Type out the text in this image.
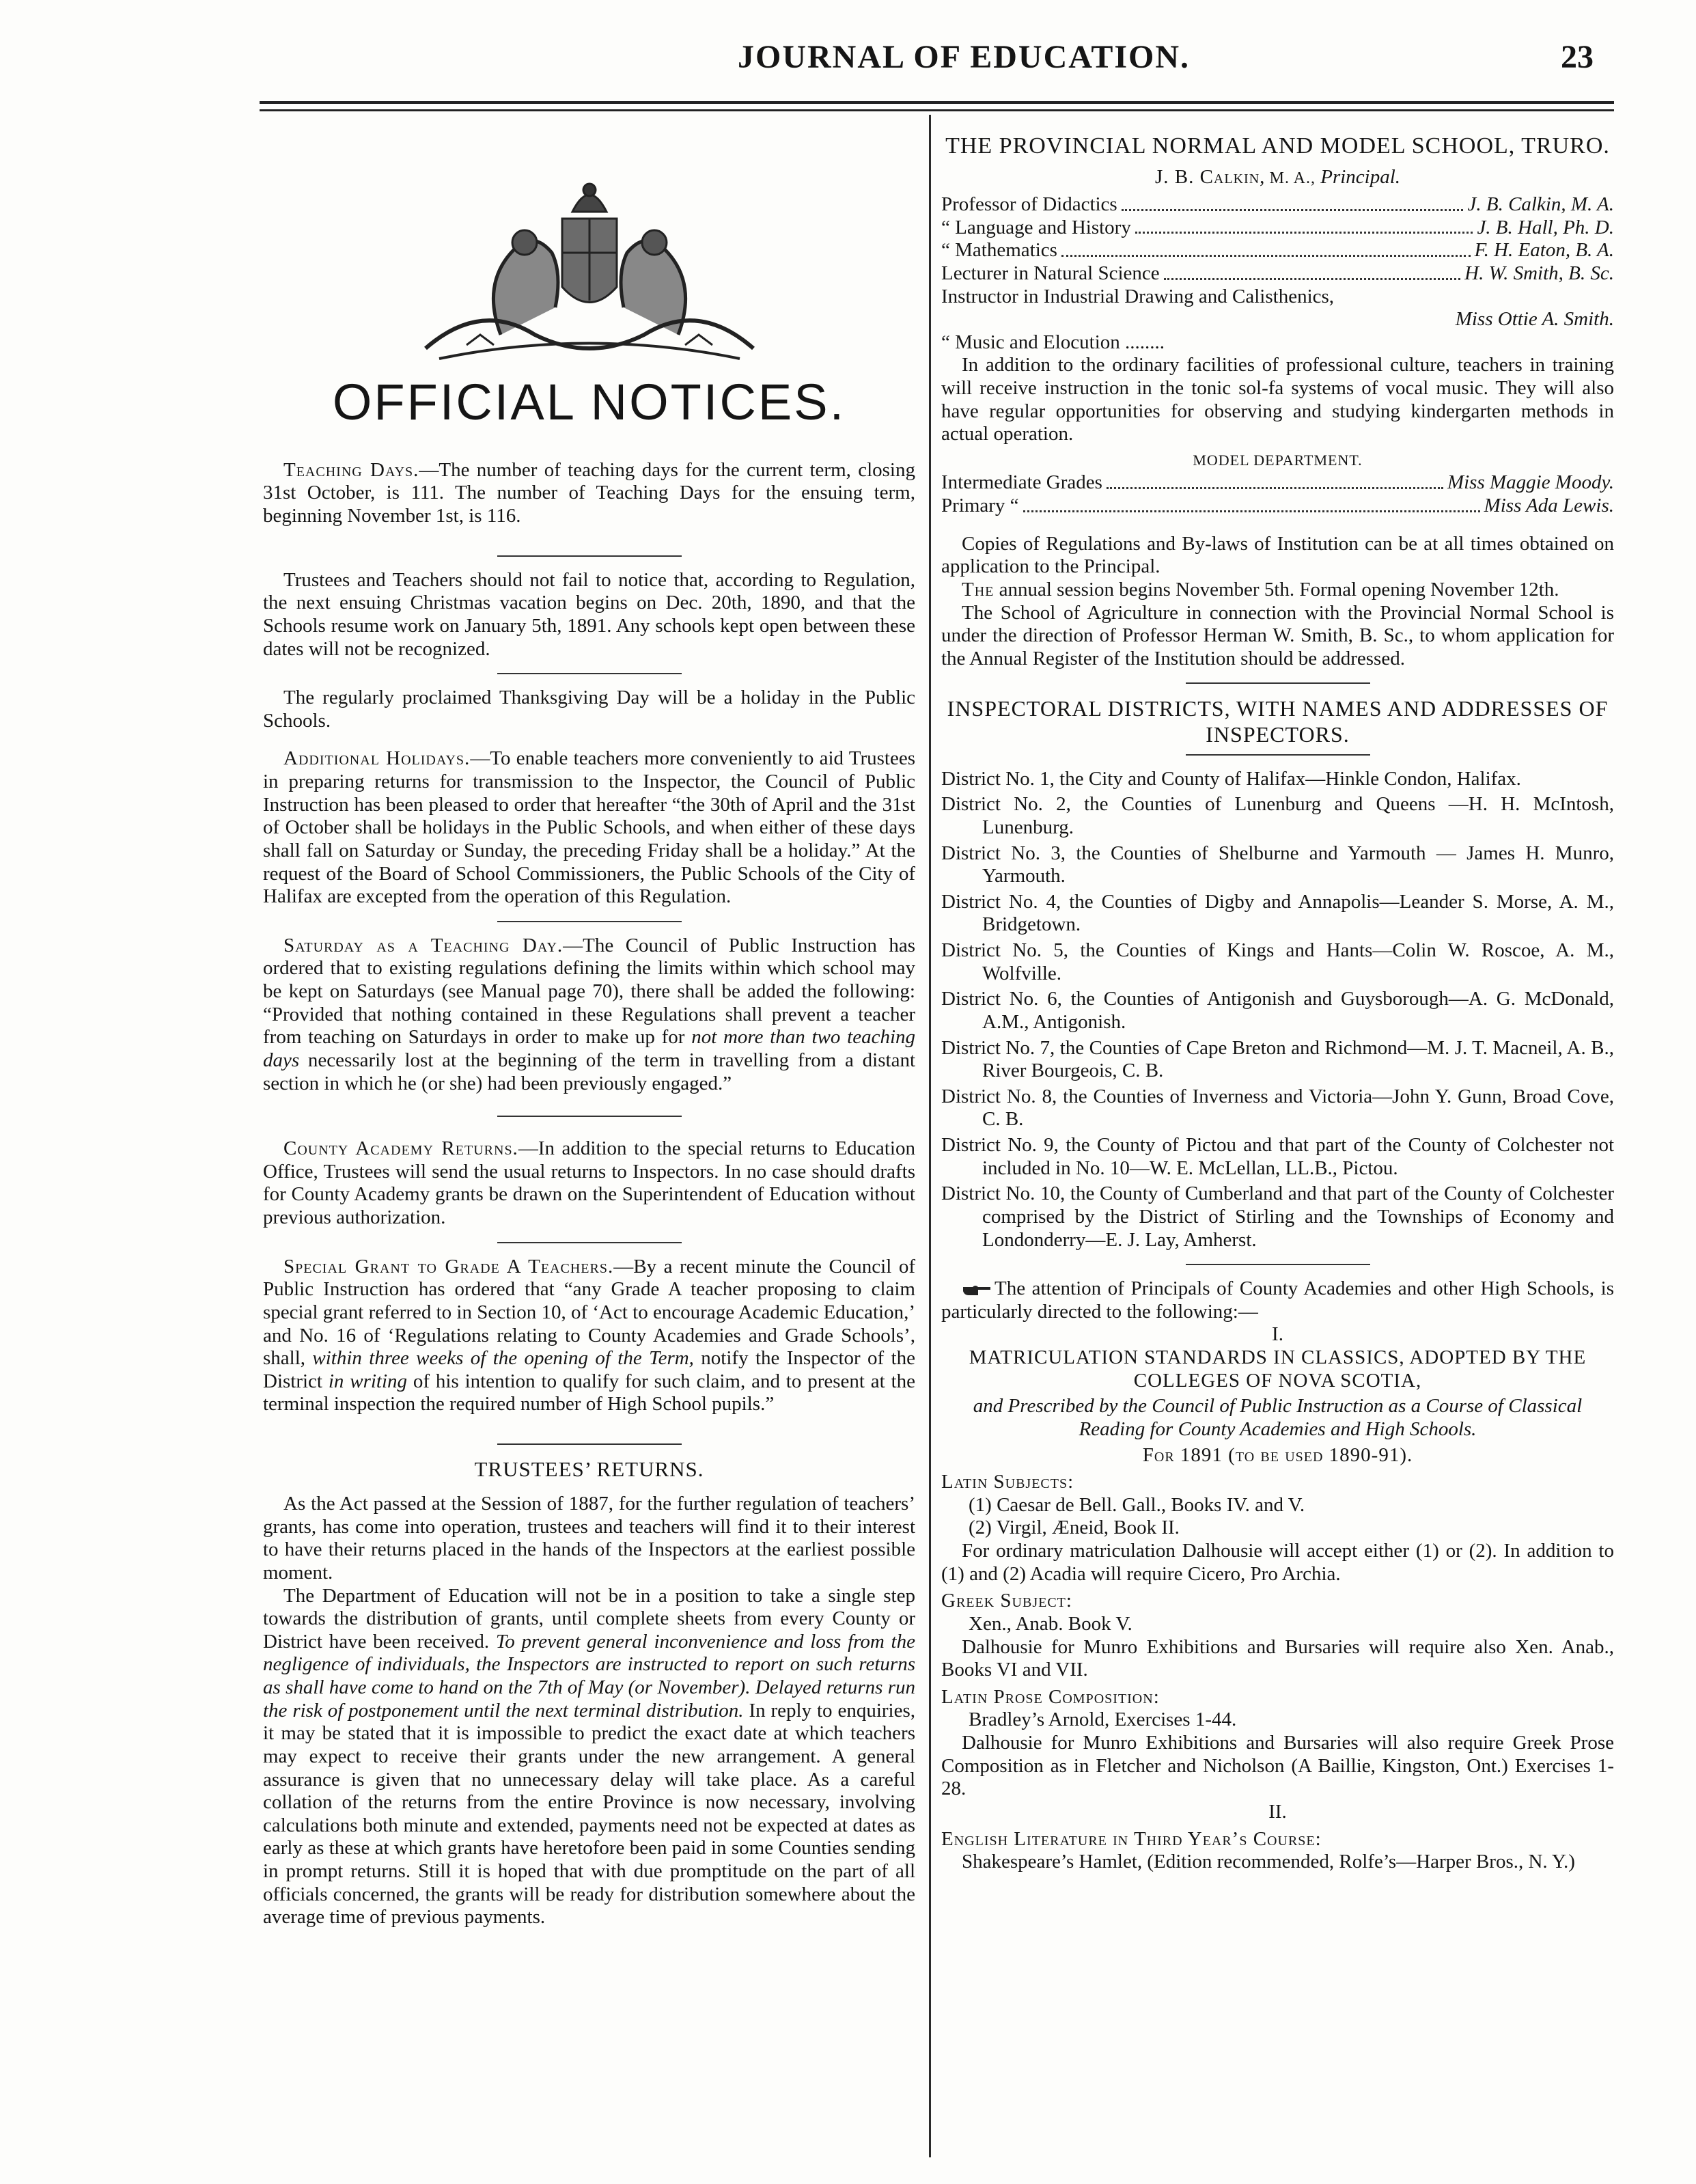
JOURNAL OF EDUCATION.	23
OFFICIAL NOTICES.

Teaching Days.—The number of teaching days for the current term, closing 31st October, is 111. The number of Teaching Days for the ensuing term, beginning November 1st, is 116.

Trustees and Teachers should not fail to notice that, according to Regulation, the next ensuing Christmas vacation begins on Dec. 20th, 1890, and that the Schools resume work on January 5th, 1891. Any schools kept open between these dates will not be recognized.

The regularly proclaimed Thanksgiving Day will be a holiday in the Public Schools.

Additional Holidays.—To enable teachers more conveniently to aid Trustees in preparing returns for transmission to the Inspector, the Council of Public Instruction has been pleased to order that hereafter “the 30th of April and the 31st of October shall be holidays in the Public Schools, and when either of these days shall fall on Saturday or Sunday, the preceding Friday shall be a holiday.” At the request of the Board of School Commissioners, the Public Schools of the City of Halifax are excepted from the operation of this Regulation.

Saturday as a Teaching Day.—The Council of Public Instruction has ordered that to existing regulations defining the limits within which school may be kept on Saturdays (see Manual page 70), there shall be added the following: “Provided that nothing contained in these Regulations shall prevent a teacher from teaching on Saturdays in order to make up for not more than two teaching days necessarily lost at the beginning of the term in travelling from a distant section in which he (or she) had been previously engaged.”

County Academy Returns.—In addition to the special returns to Education Office, Trustees will send the usual returns to Inspectors. In no case should drafts for County Academy grants be drawn on the Superintendent of Education without previous authorization.

Special Grant to Grade A Teachers.—By a recent minute the Council of Public Instruction has ordered that “any Grade A teacher proposing to claim special grant referred to in Section 10, of ‘Act to encourage Academic Education,’ and No. 16 of ‘Regulations relating to County Academies and Grade Schools’, shall, within three weeks of the opening of the Term, notify the Inspector of the District in writing of his intention to qualify for such claim, and to present at the terminal inspection the required number of High School pupils.”

TRUSTEES’ RETURNS.

As the Act passed at the Session of 1887, for the further regulation of teachers’ grants, has come into operation, trustees and teachers will find it to their interest to have their returns placed in the hands of the Inspectors at the earliest possible moment.

The Department of Education will not be in a position to take a single step towards the distribution of grants, until complete sheets from every County or District have been received. To prevent general inconvenience and loss from the negligence of individuals, the Inspectors are instructed to report on such returns as shall have come to hand on the 7th of May (or November). Delayed returns run the risk of postponement until the next terminal distribution. In reply to enquiries, it may be stated that it is impossible to predict the exact date at which teachers may expect to receive their grants under the new arrangement. A general assurance is given that no unnecessary delay will take place. As a careful collation of the returns from the entire Province is now necessary, involving calculations both minute and extended, payments need not be expected at dates as early as these at which grants have heretofore been paid in some Counties sending in prompt returns. Still it is hoped that with due promptitude on the part of all officials concerned, the grants will be ready for distribution somewhere about the average time of previous payments.

THE PROVINCIAL NORMAL AND MODEL SCHOOL, TRURO.
J. B. Calkin, M. A., Principal.
Professor of Didactics	J. B. Calkin, M. A.
“ Language and History	J. B. Hall, Ph. D.
“ Mathematics	F. H. Eaton, B. A.
Lecturer in Natural Science	H. W. Smith, B. Sc.
Instructor in Industrial Drawing and Calisthenics,
Miss Ottie A. Smith.
“ Music and Elocution ........

In addition to the ordinary facilities of professional culture, teachers in training will receive instruction in the tonic sol-fa systems of vocal music. They will also have regular opportunities for observing and studying kindergarten methods in actual operation.

MODEL DEPARTMENT.
Intermediate Grades	Miss Maggie Moody.
Primary “	Miss Ada Lewis.

Copies of Regulations and By-laws of Institution can be at all times obtained on application to the Principal.

The annual session begins November 5th. Formal opening November 12th.

The School of Agriculture in connection with the Provincial Normal School is under the direction of Professor Herman W. Smith, B. Sc., to whom application for the Annual Register of the Institution should be addressed.

INSPECTORAL DISTRICTS, WITH NAMES AND ADDRESSES OF INSPECTORS.

District No. 1, the City and County of Halifax—Hinkle Condon, Halifax.

District No. 2, the Counties of Lunenburg and Queens —H. H. McIntosh, Lunenburg.

District No. 3, the Counties of Shelburne and Yarmouth — James H. Munro, Yarmouth.

District No. 4, the Counties of Digby and Annapolis—Leander S. Morse, A. M., Bridgetown.

District No. 5, the Counties of Kings and Hants—Colin W. Roscoe, A. M., Wolfville.

District No. 6, the Counties of Antigonish and Guysborough—A. G. McDonald, A.M., Antigonish.

District No. 7, the Counties of Cape Breton and Richmond—M. J. T. Macneil, A. B., River Bourgeois, C. B.

District No. 8, the Counties of Inverness and Victoria—John Y. Gunn, Broad Cove, C. B.

District No. 9, the County of Pictou and that part of the County of Colchester not included in No. 10—W. E. McLellan, LL.B., Pictou.

District No. 10, the County of Cumberland and that part of the County of Colchester comprised by the District of Stirling and the Townships of Economy and Londonderry—E. J. Lay, Amherst.

The attention of Principals of County Academies and other High Schools, is particularly directed to the following:—

I.
MATRICULATION STANDARDS IN CLASSICS, ADOPTED BY THE COLLEGES OF NOVA SCOTIA,
and Prescribed by the Council of Public Instruction as a Course of Classical Reading for County Academies and High Schools.
For 1891 (to be used 1890-91).
Latin Subjects:
(1) Caesar de Bell. Gall., Books IV. and V.
(2) Virgil, Æneid, Book II.

For ordinary matriculation Dalhousie will accept either (1) or (2). In addition to (1) and (2) Acadia will require Cicero, Pro Archia.

Greek Subject:
Xen., Anab. Book V.

Dalhousie for Munro Exhibitions and Bursaries will require also Xen. Anab., Books VI and VII.

Latin Prose Composition:
Bradley’s Arnold, Exercises 1-44.

Dalhousie for Munro Exhibitions and Bursaries will also require Greek Prose Composition as in Fletcher and Nicholson (A Baillie, Kingston, Ont.) Exercises 1-28.

II.
English Literature in Third Year’s Course:

Shakespeare’s Hamlet, (Edition recommended, Rolfe’s—Harper Bros., N. Y.)
